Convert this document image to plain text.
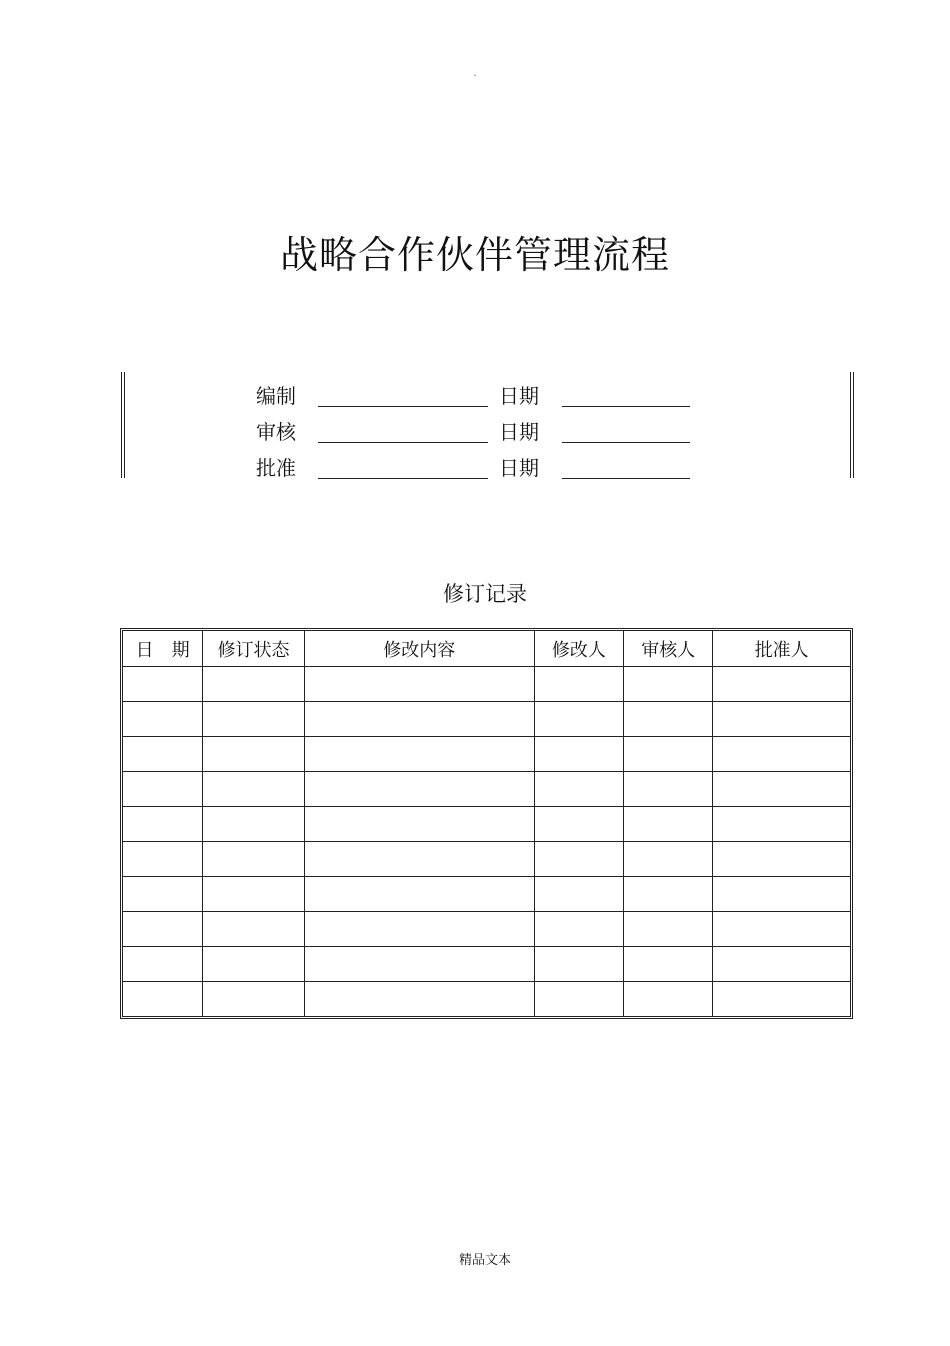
.
战略合作伙伴管理流程
编制	日期
审核	日期
批准	日期
修订记录
日　期	修订状态	修改内容	修改人	审核人	批准人

精品文本
